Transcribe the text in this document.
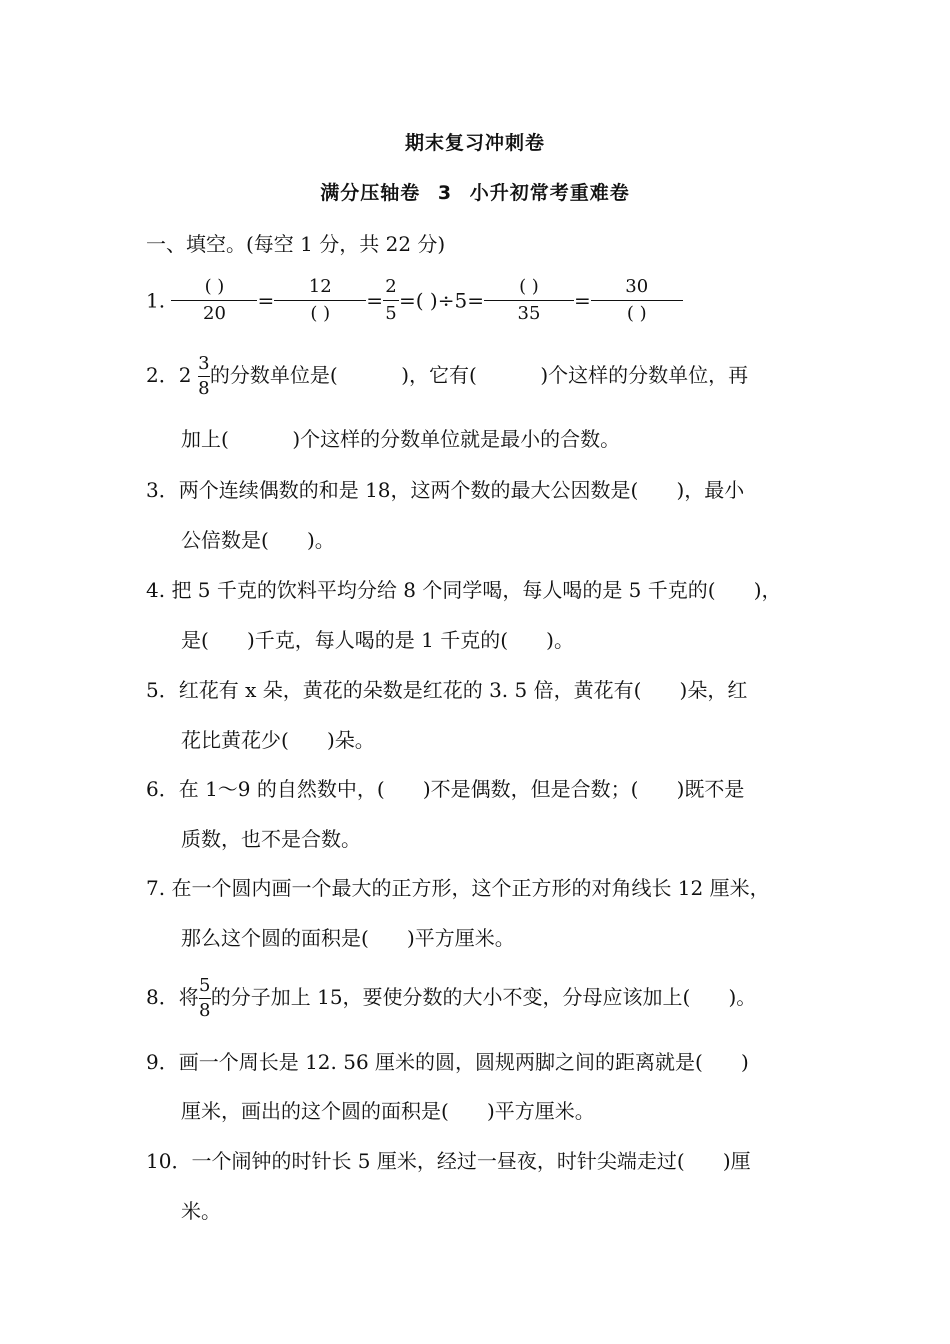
期末复习冲刺卷
满分压轴卷 3 小升初常考重难卷
一、填空。(每空 1 分，共 22 分)
1. $\frac{( )}{20} = \frac{12}{( )} = \frac{2}{5}$ =( )$\div 5= \frac{( )}{35} = \frac{30}{( )}$
2．$2 \frac{3}{8}$ 的分数单位是(          )，它有(          )个这样的分数单位，再
加上(          )个这样的分数单位就是最小的合数。
3．两个连续偶数的和是 18，这两个数的最大公因数是(      )，最小
公倍数是(      )。
4. 把 5 千克的饮料平均分给 8 个同学喝，每人喝的是 5 千克的(      )，
是(      )千克，每人喝的是 1 千克的(      )。
5．红花有 x 朵，黄花的朵数是红花的 3. 5 倍，黄花有(      )朵，红
花比黄花少(      )朵。
6．在 1～9 的自然数中，(      )不是偶数，但是合数；(      )既不是
质数，也不是合数。
7. 在一个圆内画一个最大的正方形，这个正方形的对角线长 12 厘米，
那么这个圆的面积是(      )平方厘米。
8．将 $\frac{5}{8}$ 的分子加上 15，要使分数的大小不变，分母应该加上(      )。
9．画一个周长是 12. 56 厘米的圆，圆规两脚之间的距离就是(      )
厘米，画出的这个圆的面积是(      )平方厘米。
10．一个闹钟的时针长 5 厘米，经过一昼夜，时针尖端走过(      )厘
米。
